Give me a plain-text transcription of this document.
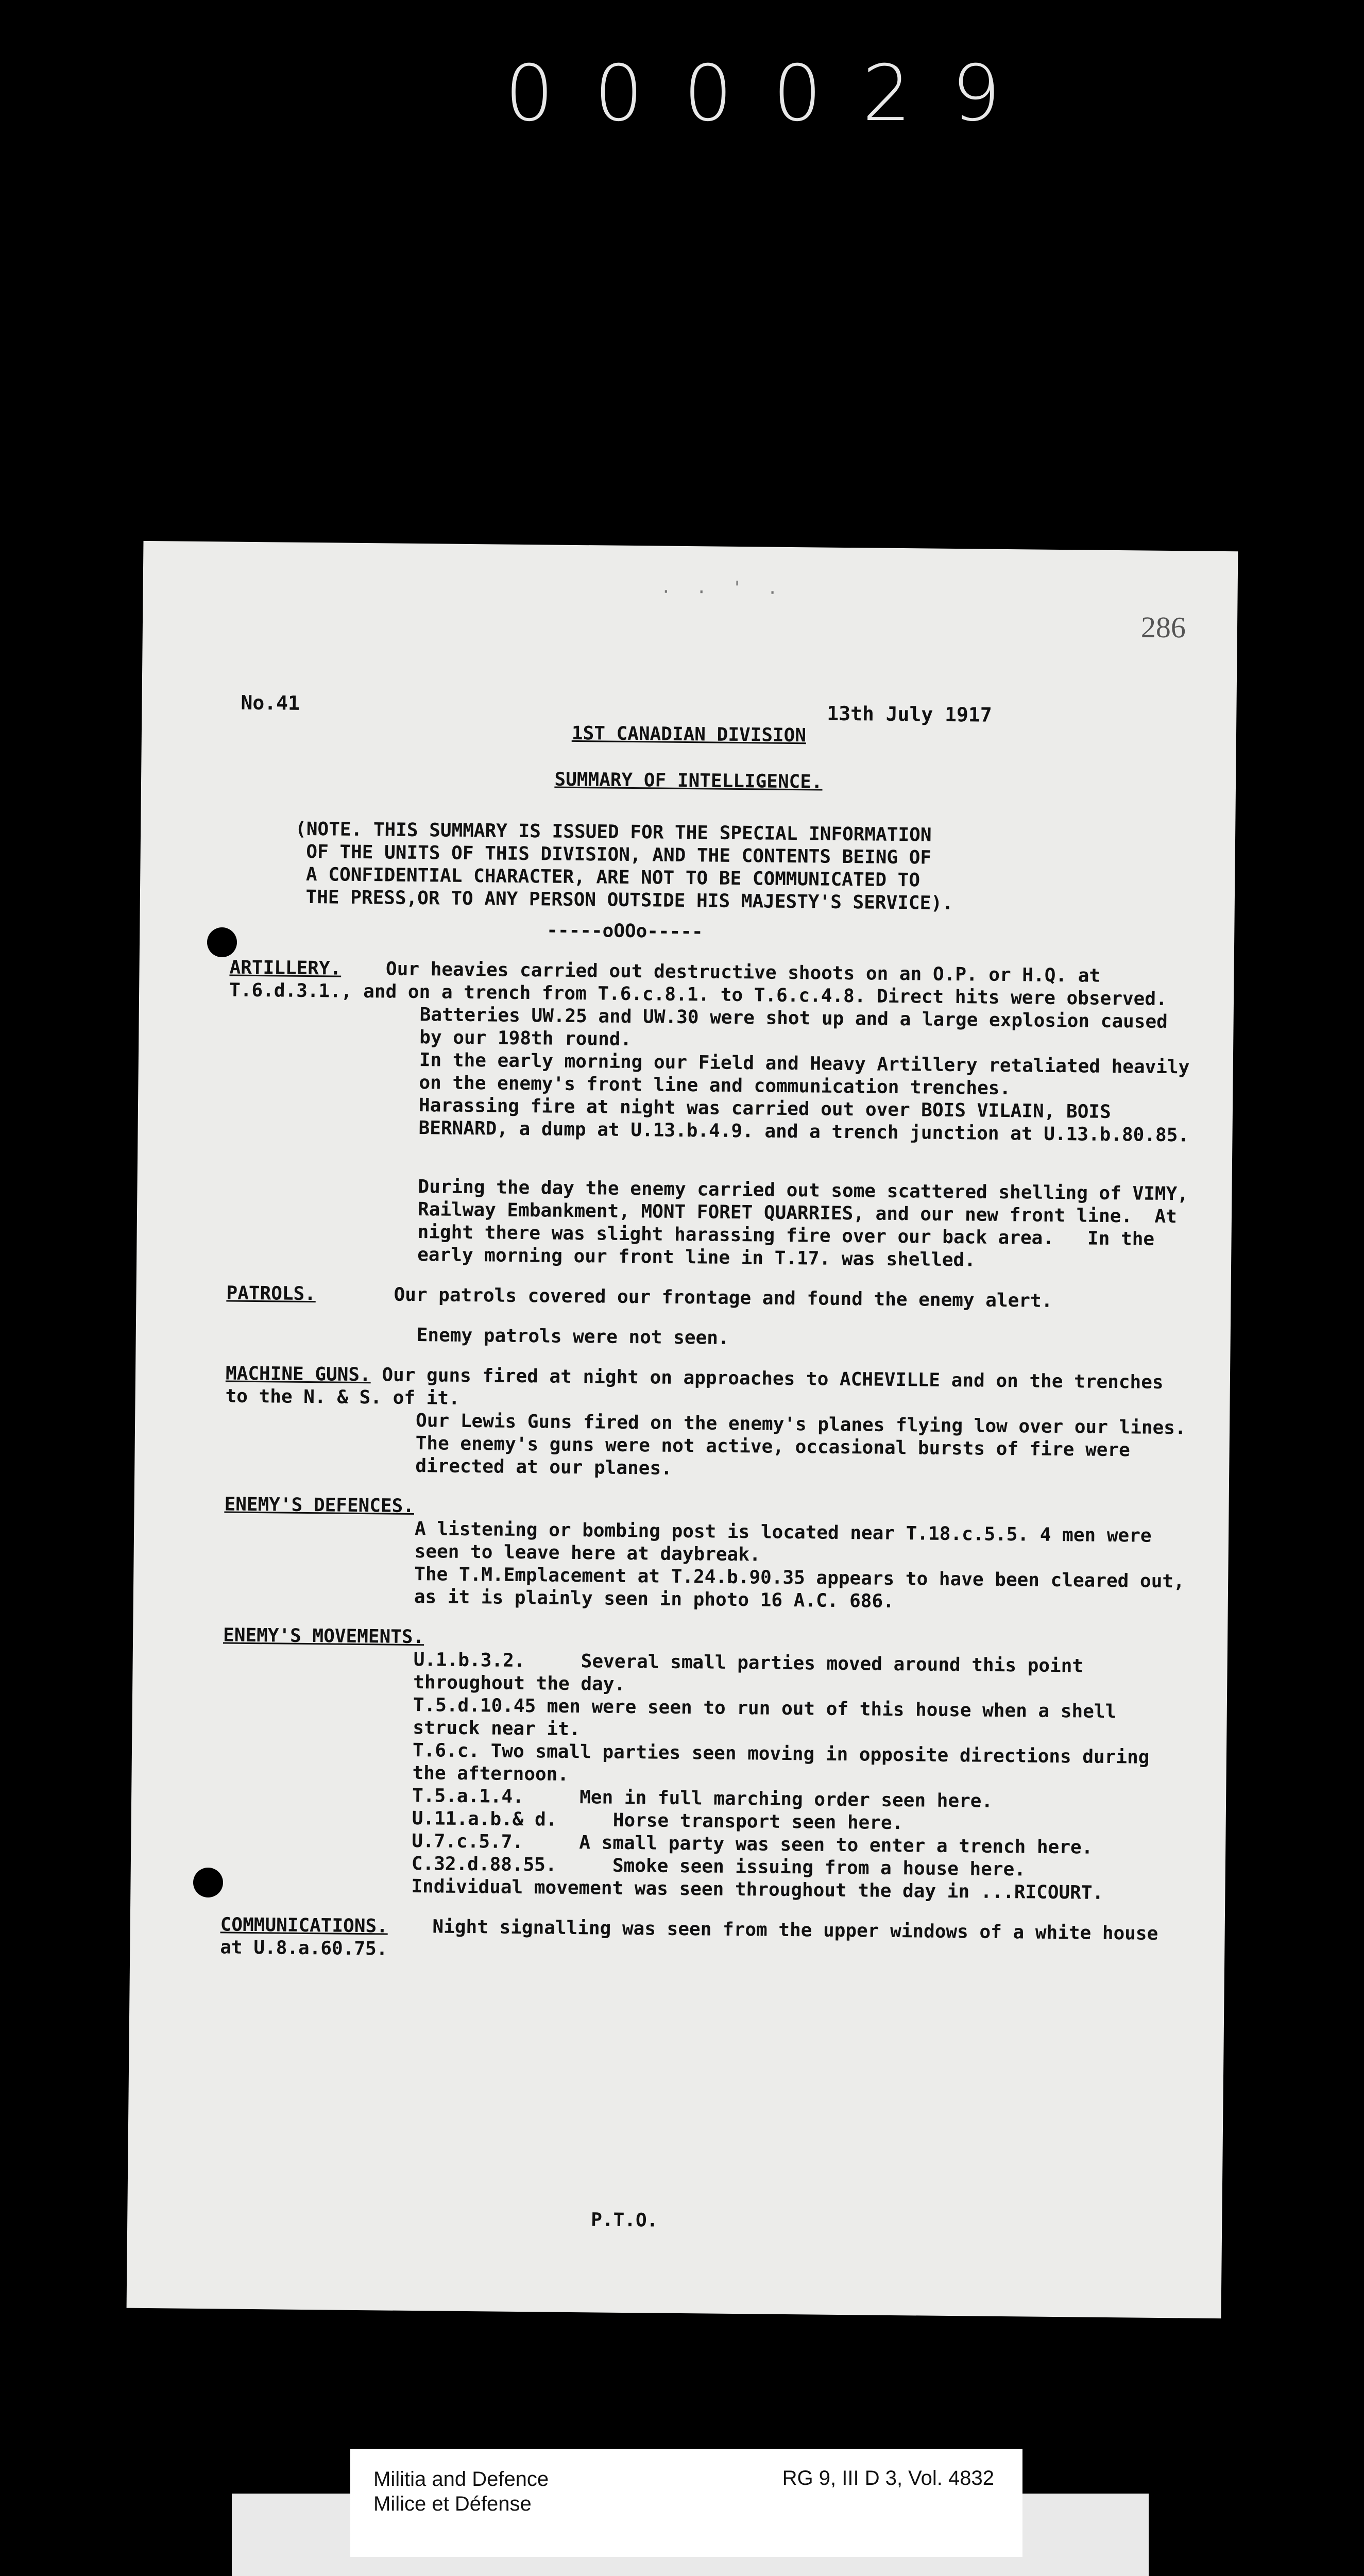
000029
. . ' .
286
No.41	13th July 1917
1ST CANADIAN DIVISION
SUMMARY OF INTELLIGENCE.
(NOTE. THIS SUMMARY IS ISSUED FOR THE SPECIAL INFORMATION
OF THE UNITS OF THIS DIVISION, AND THE CONTENTS BEING OF
A CONFIDENTIAL CHARACTER, ARE NOT TO BE COMMUNICATED TO
THE PRESS,OR TO ANY PERSON OUTSIDE HIS MAJESTY'S SERVICE).
-----oOOo-----
ARTILLERY. Our heavies carried out destructive shoots on an O.P. or H.Q. at T.6.d.3.1., and on a trench from T.6.c.8.1. to T.6.c.4.8. Direct hits were observed.
Batteries UW.25 and UW.30 were shot up and a large explosion caused by our 198th round.
In the early morning our Field and Heavy Artillery retaliated heavily on the enemy's front line and communication trenches.
Harassing fire at night was carried out over BOIS VILAIN, BOIS BERNARD, a dump at U.13.b.4.9. and a trench junction at U.13.b.80.85.
During the day the enemy carried out some scattered shelling of VIMY, Railway Embankment, MONT FORET QUARRIES, and our new front line.  At night there was slight harassing fire over our back area.   In the early morning our front line in T.17. was shelled.
PATROLS.	Our patrols covered our frontage and found the enemy alert.
Enemy patrols were not seen.
MACHINE GUNS. Our guns fired at night on approaches to ACHEVILLE and on the trenches to the N. & S. of it.
Our Lewis Guns fired on the enemy's planes flying low over our lines.
The enemy's guns were not active, occasional bursts of fire were directed at our planes.
ENEMY'S DEFENCES.
A listening or bombing post is located near T.18.c.5.5. 4 men were seen to leave here at daybreak.
The T.M.Emplacement at T.24.b.90.35 appears to have been cleared out, as it is plainly seen in photo 16 A.C. 686.
ENEMY'S MOVEMENTS.
U.1.b.3.2.     Several small parties moved around this point throughout the day.
T.5.d.10.45 men were seen to run out of this house when a shell struck near it.
T.6.c. Two small parties seen moving in opposite directions during the afternoon.
T.5.a.1.4.     Men in full marching order seen here.
U.11.a.b.& d.     Horse transport seen here.
U.7.c.5.7.     A small party was seen to enter a trench here.
C.32.d.88.55.     Smoke seen issuing from a house here.
Individual movement was seen throughout the day in ...RICOURT.
COMMUNICATIONS. Night signalling was seen from the upper windows of a white house at U.8.a.60.75.
P.T.O.
Militia and Defence
Milice et Défense
RG 9, III D 3, Vol. 4832
